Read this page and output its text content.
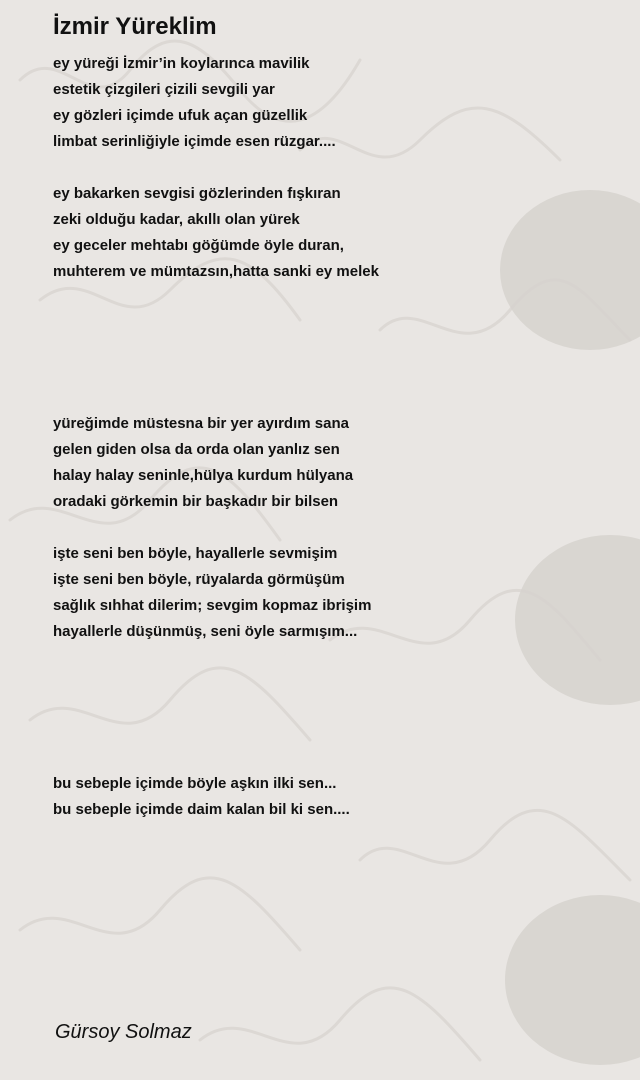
İzmir Yüreklim
ey yüreği İzmir’in koylarınca mavilik
estetik çizgileri çizili sevgili yar
ey gözleri içimde ufuk açan güzellik
limbat serinliğiyle içimde esen rüzgar....
ey bakarken sevgisi gözlerinden fışkıran
zeki olduğu kadar, akıllı olan yürek
ey geceler mehtabı göğümde öyle duran,
muhterem ve mümtazsın,hatta sanki ey melek
yüreğimde müstesna bir yer ayırdım sana
gelen giden olsa da orda olan yanlız sen
halay halay seninle,hülya kurdum hülyana
oradaki görkemin bir başkadır bir bilsen
işte seni ben böyle, hayallerle sevmişim
işte seni ben böyle, rüyalarda görmüşüm
sağlık sıhhat dilerim; sevgim kopmaz ibrişim
hayallerle düşünmüş, seni öyle sarmışım...
bu sebeple içimde böyle aşkın ilki sen...
bu sebeple içimde daim kalan bil ki sen....

Gürsoy Solmaz
